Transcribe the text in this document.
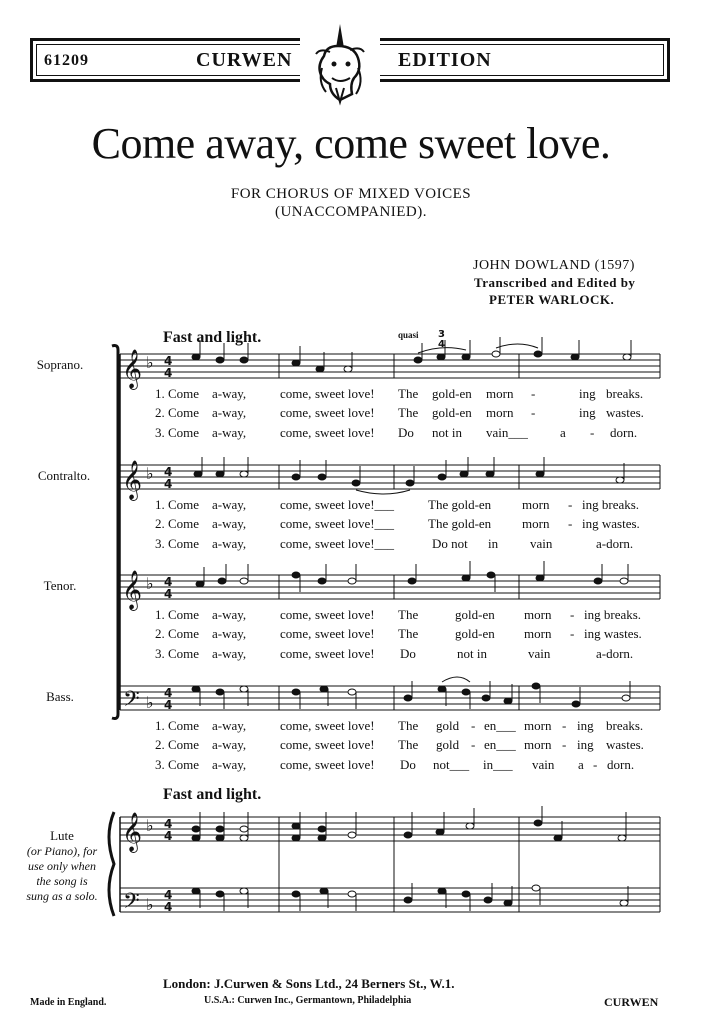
61209	CURWEN	EDITION
Come away, come sweet love.
FOR CHORUS OF MIXED VOICES
(UNACCOMPANIED).
JOHN DOWLAND (1597)
Transcribed and Edited by
PETER WARLOCK.
𝄞
𝄞
𝄞
𝄢
𝄞
𝄢
♭
♭
♭
♭
♭
♭
4
4
4
4
4
4
4
4
4
4
4
4
3
4
Fast and light.	quasi
Fast and light.
Soprano.
Contralto.
Tenor.
Bass.
1. Come a-way,	come, sweet love! The gold-en morn -	ing breaks.
2. Come a-way,	come, sweet love! The gold-en morn -	ing wastes.
3. Come a-way,	come, sweet love! Do not in vain___ a - dorn.
1. Come a-way,	come, sweet love!___	The gold-en morn - ing breaks.
2. Come a-way,	come, sweet love!___	The gold-en morn - ing wastes.
3. Come a-way,	come, sweet love!___	Do not in vain	a-dorn.
1. Come a-way,	come, sweet love! The	gold-en morn - ing breaks.
2. Come a-way,	come, sweet love! The	gold-en morn - ing wastes.
3. Come a-way,	come, sweet love! Do	not in	vain	a-dorn.
1. Come a-way,	come, sweet love! The gold - en___ morn - ing breaks.
2. Come a-way,	come, sweet love! The gold - en___ morn - ing wastes.
3. Come a-way,	come, sweet love! Do not___ in___ vain a - dorn.
Lute
(or Piano), for
use only when
the song is
sung as a solo.
London: J.Curwen & Sons Ltd., 24 Berners St., W.1.
U.S.A.: Curwen Inc., Germantown, Philadelphia
Made in England.	CURWEN
